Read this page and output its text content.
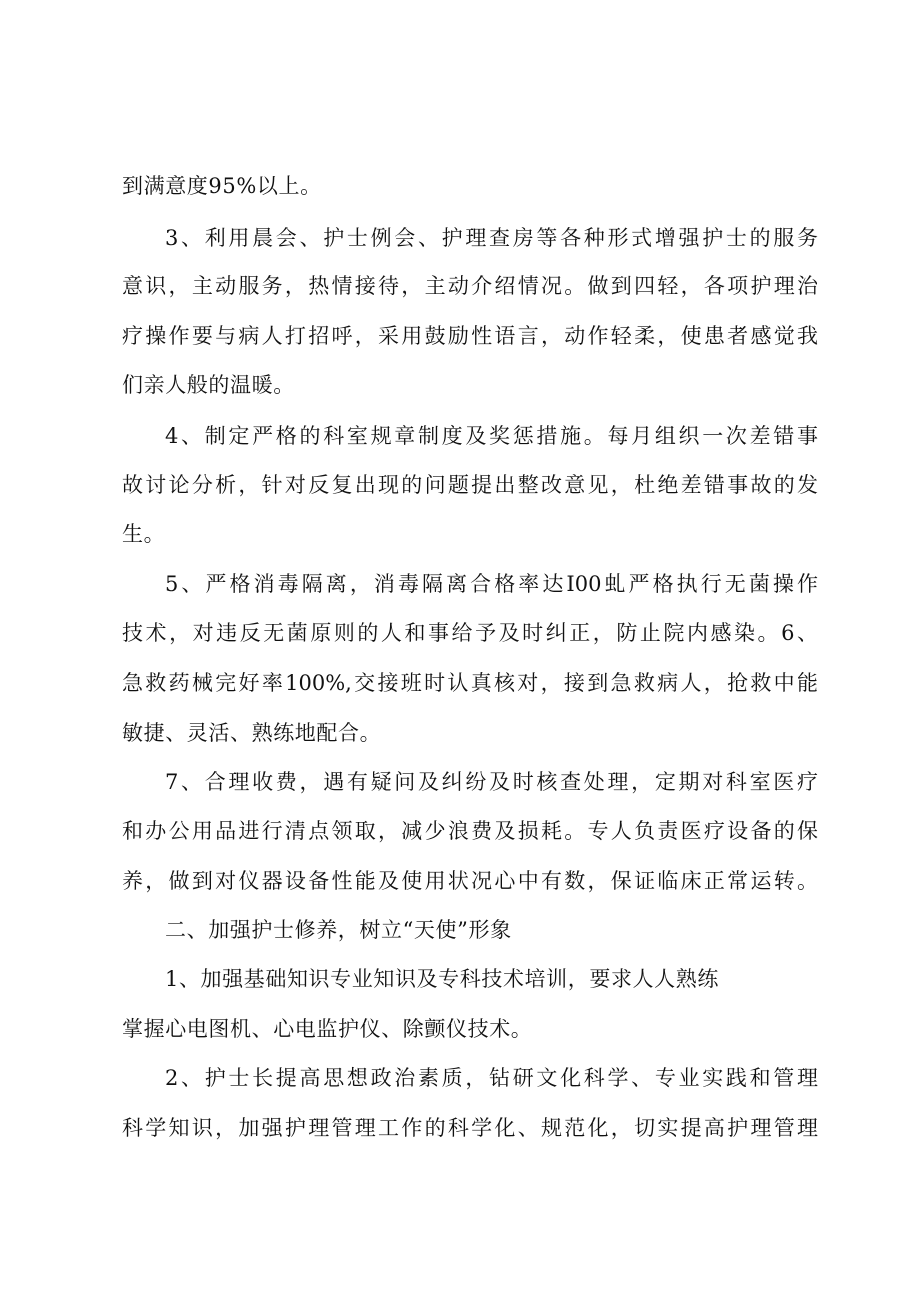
到满意度95%以上。
3、利用晨会、护士例会、护理查房等各种形式增强护士的服务
意识，主动服务，热情接待，主动介绍情况。做到四轻，各项护理治
疗操作要与病人打招呼，采用鼓励性语言，动作轻柔，使患者感觉我
们亲人般的温暖。
4、制定严格的科室规章制度及奖惩措施。每月组织一次差错事
故讨论分析，针对反复出现的问题提出整改意见，杜绝差错事故的发
生。
5、严格消毒隔离，消毒隔离合格率达I00虬严格执行无菌操作
技术，对违反无菌原则的人和事给予及时纠正，防止院内感染。6、
急救药械完好率100%,交接班时认真核对，接到急救病人，抢救中能
敏捷、灵活、熟练地配合。
7、合理收费，遇有疑问及纠纷及时核查处理，定期对科室医疗
和办公用品进行清点领取，减少浪费及损耗。专人负责医疗设备的保
养，做到对仪器设备性能及使用状况心中有数，保证临床正常运转。
二、加强护士修养，树立“天使”形象
1、加强基础知识专业知识及专科技术培训，要求人人熟练
掌握心电图机、心电监护仪、除颤仪技术。
2、护士长提高思想政治素质，钻研文化科学、专业实践和管理
科学知识，加强护理管理工作的科学化、规范化，切实提高护理管理
